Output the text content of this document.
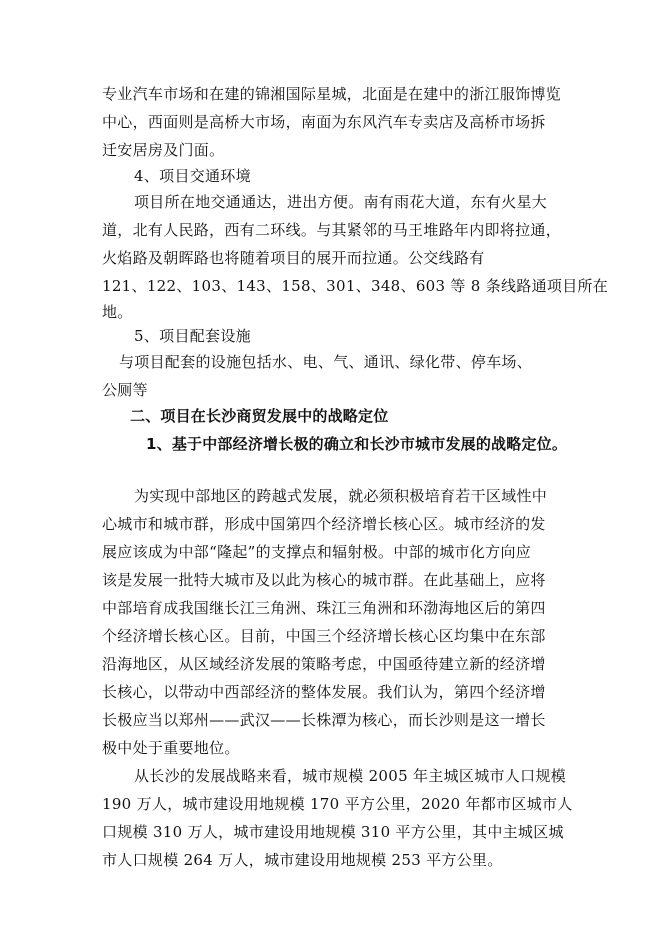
专业汽车市场和在建的锦湘国际星城，北面是在建中的浙江服饰博览
中心，西面则是高桥大市场，南面为东风汽车专卖店及高桥市场拆
迁安居房及门面。
4、项目交通环境
项目所在地交通通达，进出方便。南有雨花大道，东有火星大
道，北有人民路，西有二环线。与其紧邻的马王堆路年内即将拉通，
火焰路及朝晖路也将随着项目的展开而拉通。公交线路有
121、122、103、143、158、301、348、603 等 8 条线路通项目所在
地。
5、项目配套设施
与项目配套的设施包括水、电、气、通讯、绿化带、停车场、
公厕等
二、项目在长沙商贸发展中的战略定位
1、基于中部经济增长极的确立和长沙市城市发展的战略定位。
为实现中部地区的跨越式发展，就必须积极培育若干区域性中
心城市和城市群，形成中国第四个经济增长核心区。城市经济的发
展应该成为中部“隆起”的支撑点和辐射极。中部的城市化方向应
该是发展一批特大城市及以此为核心的城市群。在此基础上，应将
中部培育成我国继长江三角洲、珠江三角洲和环渤海地区后的第四
个经济增长核心区。目前，中国三个经济增长核心区均集中在东部
沿海地区，从区域经济发展的策略考虑，中国亟待建立新的经济增
长核心，以带动中西部经济的整体发展。我们认为，第四个经济增
长极应当以郑州——武汉——长株潭为核心，而长沙则是这一增长
极中处于重要地位。
从长沙的发展战略来看，城市规模 2005 年主城区城市人口规模
190 万人，城市建设用地规模 170 平方公里，2020 年都市区城市人
口规模 310 万人，城市建设用地规模 310 平方公里，其中主城区城
市人口规模 264 万人，城市建设用地规模 253 平方公里。
